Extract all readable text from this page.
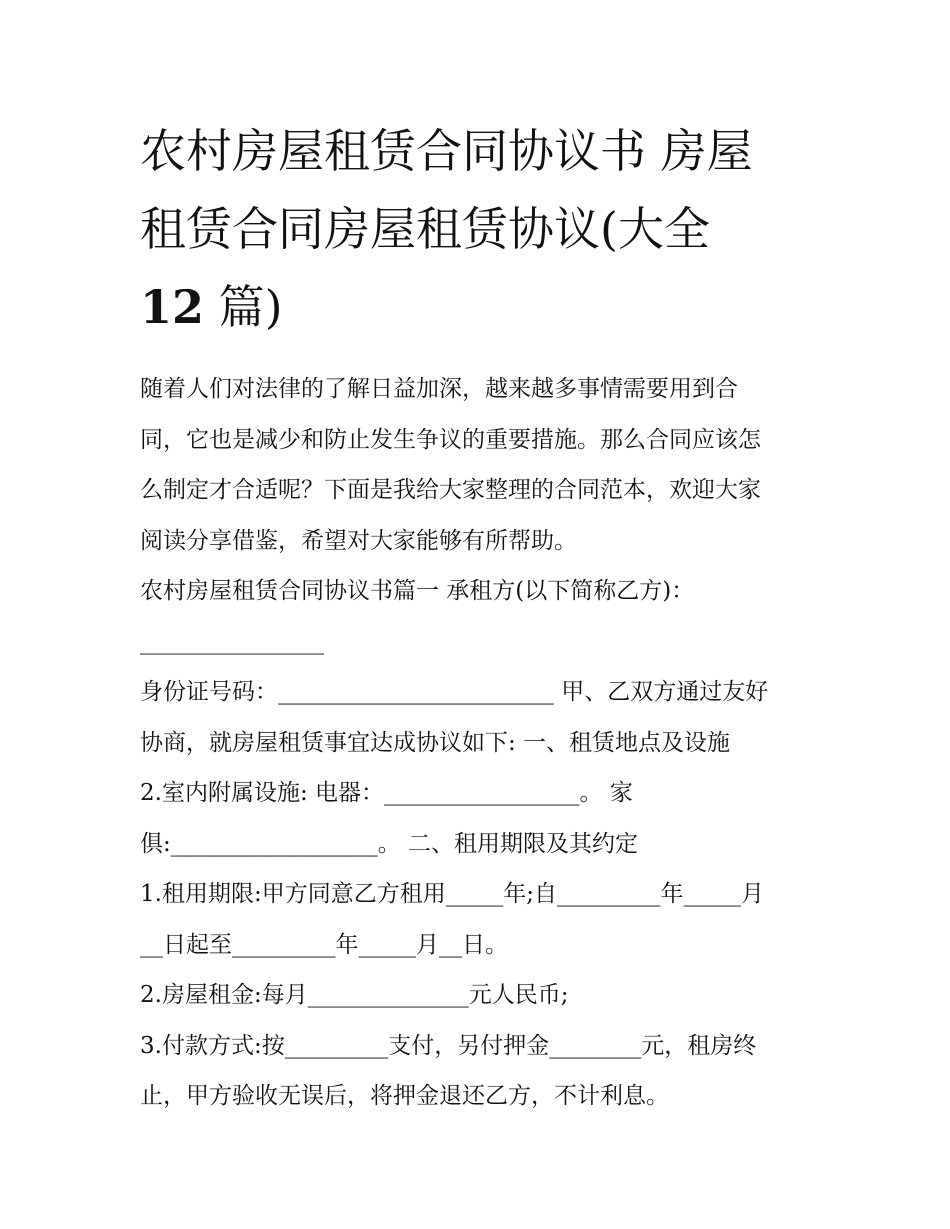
农村房屋租赁合同协议书 房屋
租赁合同房屋租赁协议(大全
12 篇)
随着人们对法律的了解日益加深，越来越多事情需要用到合
同，它也是减少和防止发生争议的重要措施。那么合同应该怎
么制定才合适呢？下面是我给大家整理的合同范本，欢迎大家
阅读分享借鉴，希望对大家能够有所帮助。
农村房屋租赁合同协议书篇一 承租方(以下简称乙方)：
________________
身份证号码：________________________ 甲、乙双方通过友好
协商，就房屋租赁事宜达成协议如下: 一、租赁地点及设施
2.室内附属设施: 电器：_________________。 家
俱:__________________。 二、租用期限及其约定
1.租用期限:甲方同意乙方租用_____年;自_________年_____月
__日起至_________年_____月__日。
2.房屋租金:每月______________元人民币;
3.付款方式:按_________支付，另付押金________元，租房终
止，甲方验收无误后，将押金退还乙方，不计利息。
